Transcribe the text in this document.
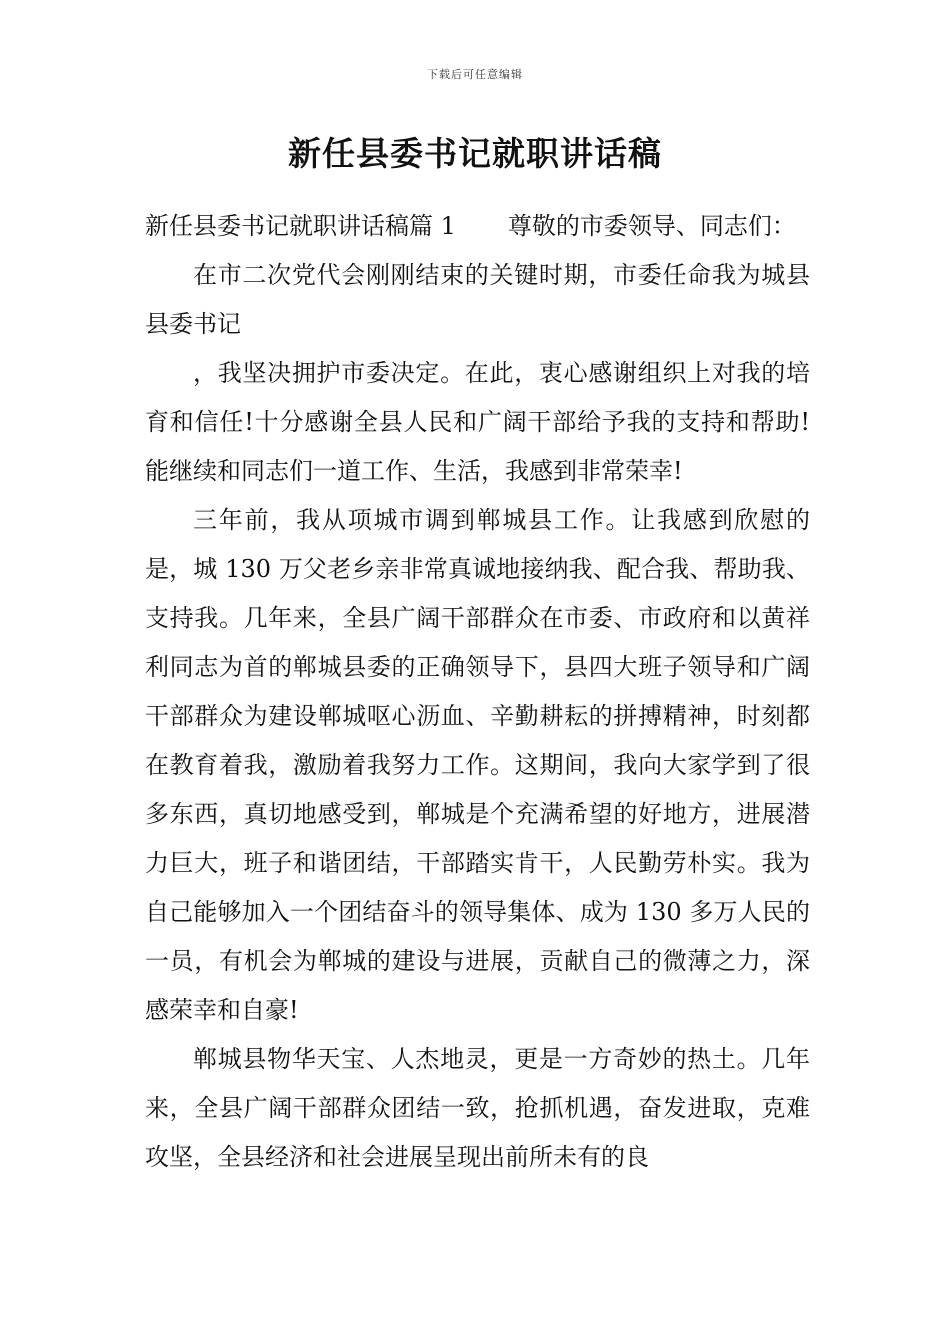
下载后可任意编辑
新任县委书记就职讲话稿

新任县委书记就职讲话稿篇 1 尊敬的市委领导、同志们：

在市二次党代会刚刚结束的关键时期，市委任命我为城县县委书记

，我坚决拥护市委决定。在此，衷心感谢组织上对我的培育和信任!十分感谢全县人民和广阔干部给予我的支持和帮助!能继续和同志们一道工作、生活，我感到非常荣幸!

三年前，我从项城市调到郸城县工作。让我感到欣慰的是，城 130 万父老乡亲非常真诚地接纳我、配合我、帮助我、支持我。几年来，全县广阔干部群众在市委、市政府和以黄祥利同志为首的郸城县委的正确领导下，县四大班子领导和广阔干部群众为建设郸城呕心沥血、辛勤耕耘的拼搏精神，时刻都在教育着我，激励着我努力工作。这期间，我向大家学到了很多东西，真切地感受到，郸城是个充满希望的好地方，进展潜力巨大，班子和谐团结，干部踏实肯干，人民勤劳朴实。我为自己能够加入一个团结奋斗的领导集体、成为 130 多万人民的一员，有机会为郸城的建设与进展，贡献自己的微薄之力，深感荣幸和自豪!

郸城县物华天宝、人杰地灵，更是一方奇妙的热土。几年来，全县广阔干部群众团结一致，抢抓机遇，奋发进取，克难攻坚，全县经济和社会进展呈现出前所未有的良
